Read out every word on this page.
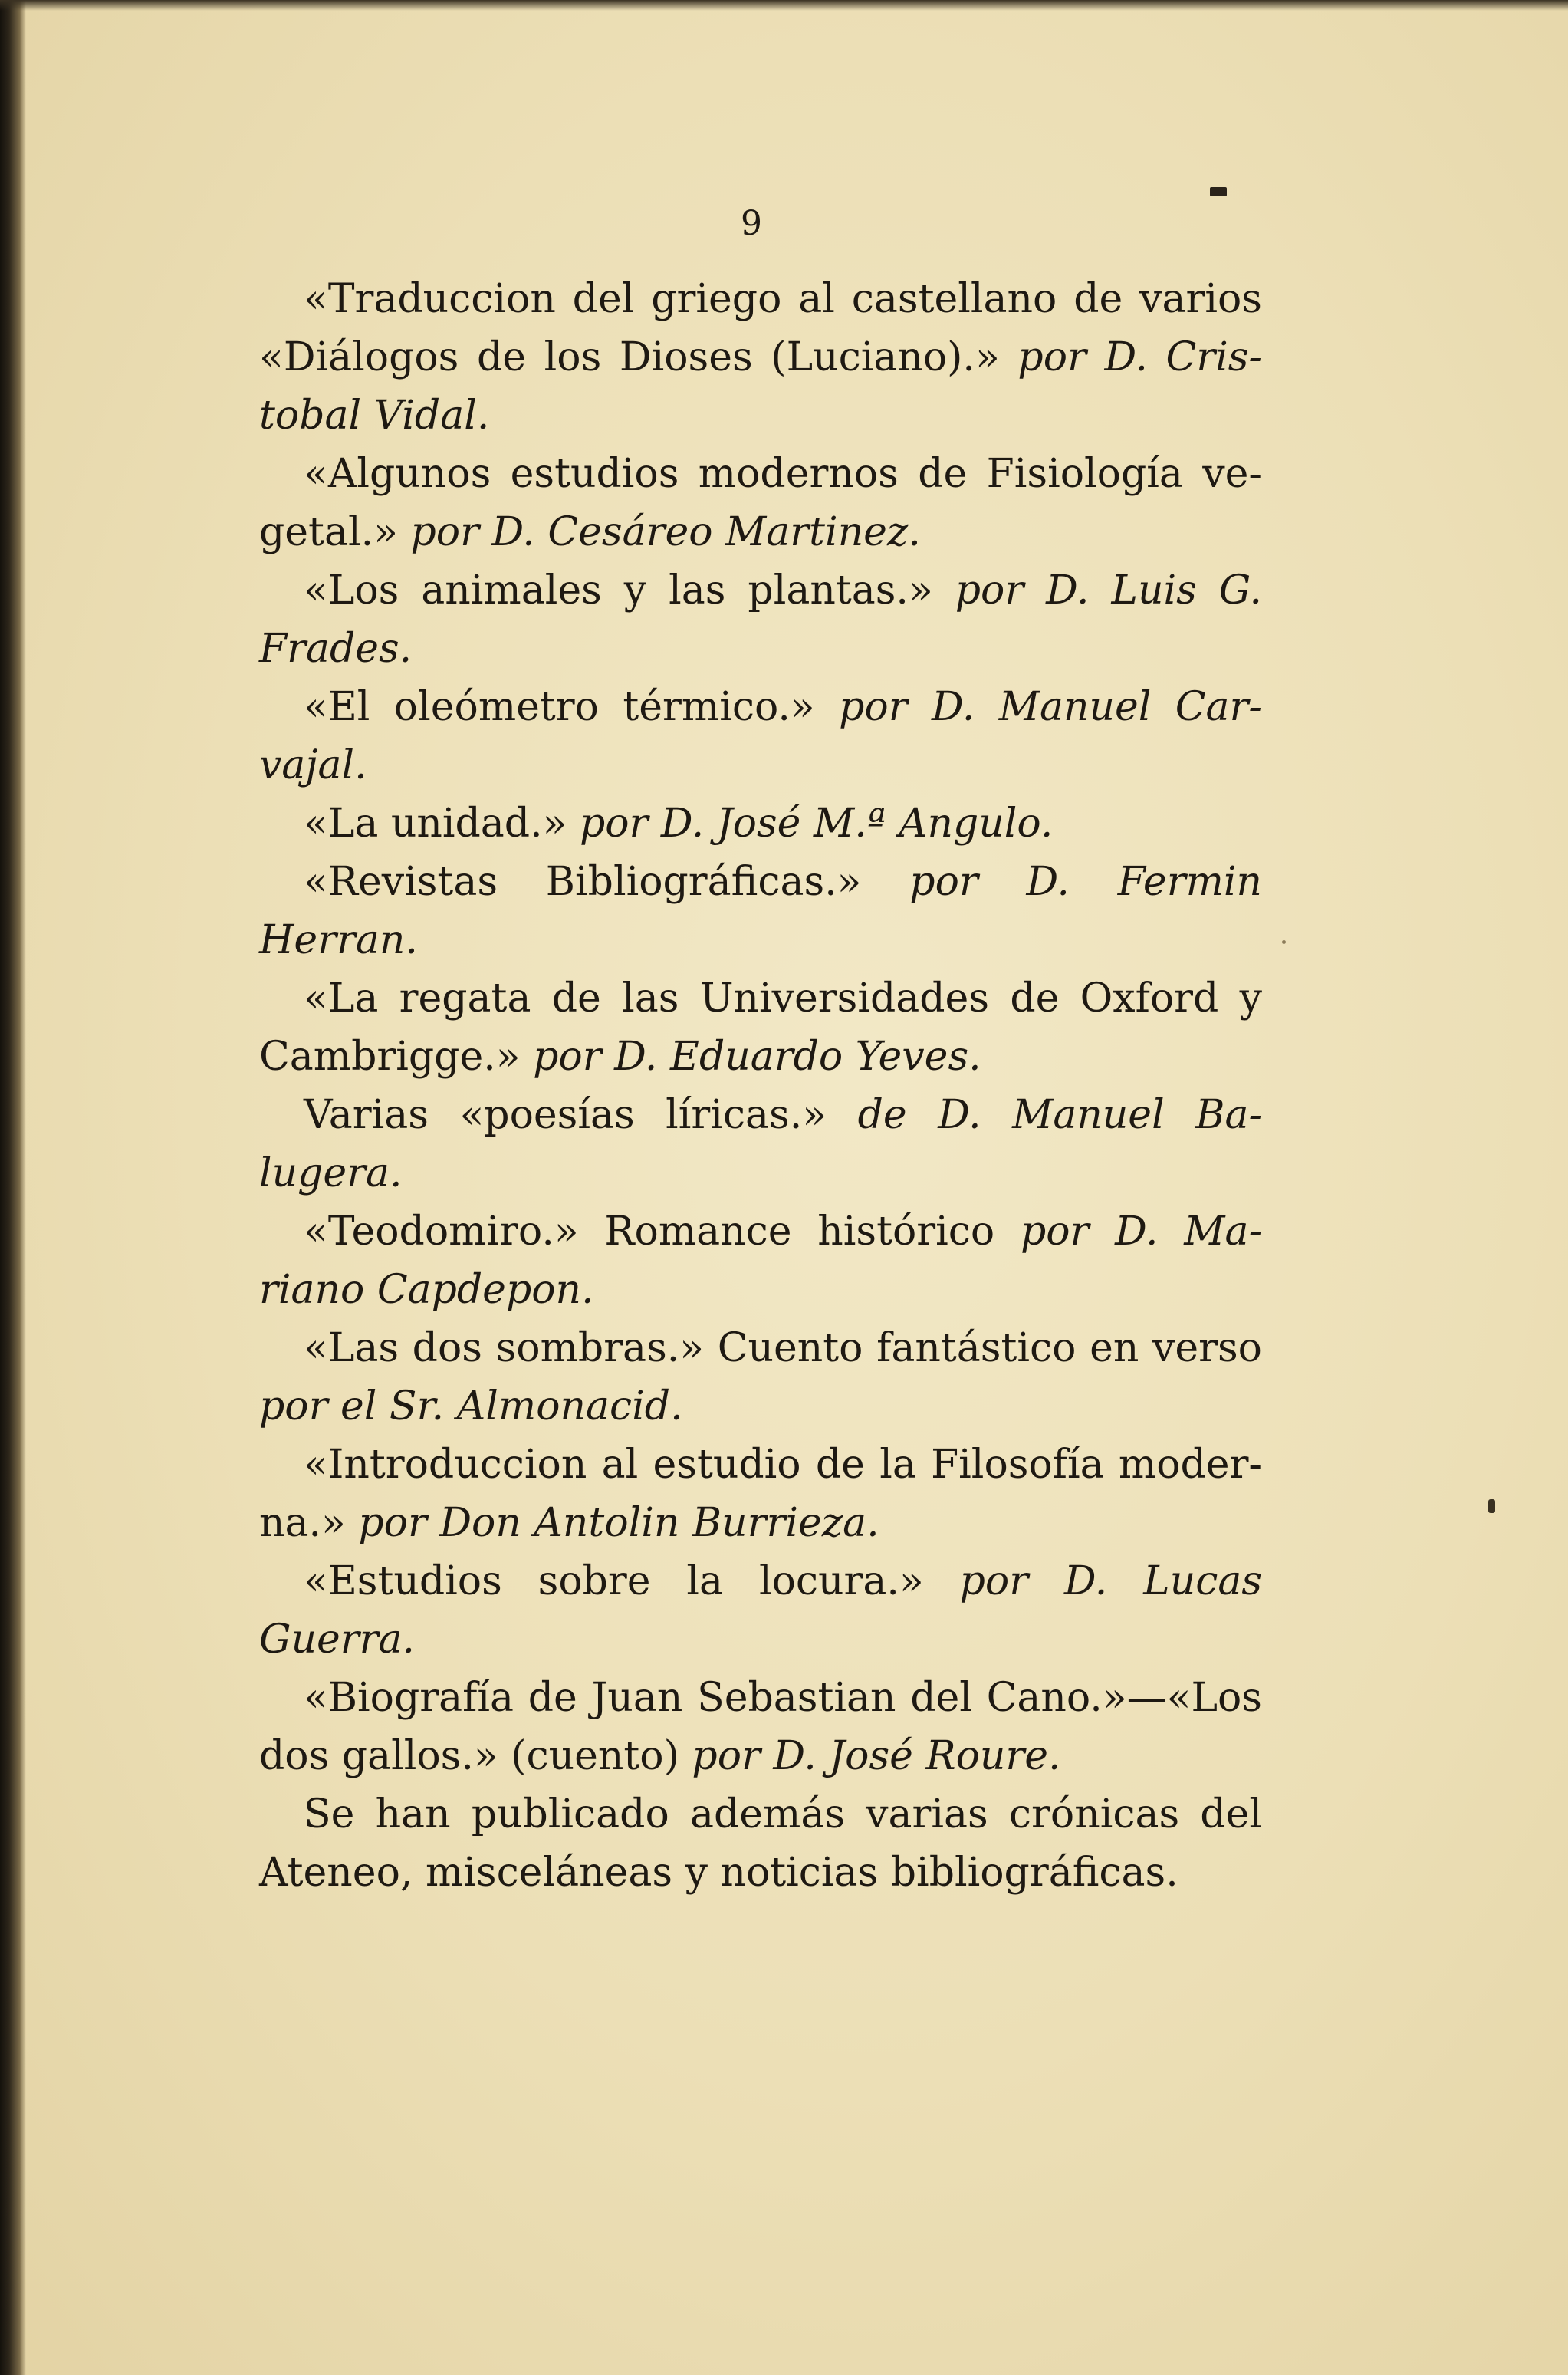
9
«Traduccion del griego al castellano de varios
«Diálogos de los Dioses (Luciano).» por D. Cris-
tobal Vidal.
«Algunos estudios modernos de Fisiología ve-
getal.» por D. Cesáreo Martinez.
«Los animales y las plantas.» por D. Luis G.
Frades.
«El oleómetro térmico.» por D. Manuel Car-
vajal.
«La unidad.» por D. José M.ª Angulo.
«Revistas Bibliográficas.» por D. Fermin
Herran.
«La regata de las Universidades de Oxford y
Cambrigge.» por D. Eduardo Yeves.
Varias «poesías líricas.» de D. Manuel Ba-
lugera.
«Teodomiro.» Romance histórico por D. Ma-
riano Capdepon.
«Las dos sombras.» Cuento fantástico en verso
por el Sr. Almonacid.
«Introduccion al estudio de la Filosofía moder-
na.» por Don Antolin Burrieza.
«Estudios sobre la locura.» por D. Lucas
Guerra.
«Biografía de Juan Sebastian del Cano.»—«Los
dos gallos.» (cuento) por D. José Roure.
Se han publicado además varias crónicas del
Ateneo, misceláneas y noticias bibliográficas.
